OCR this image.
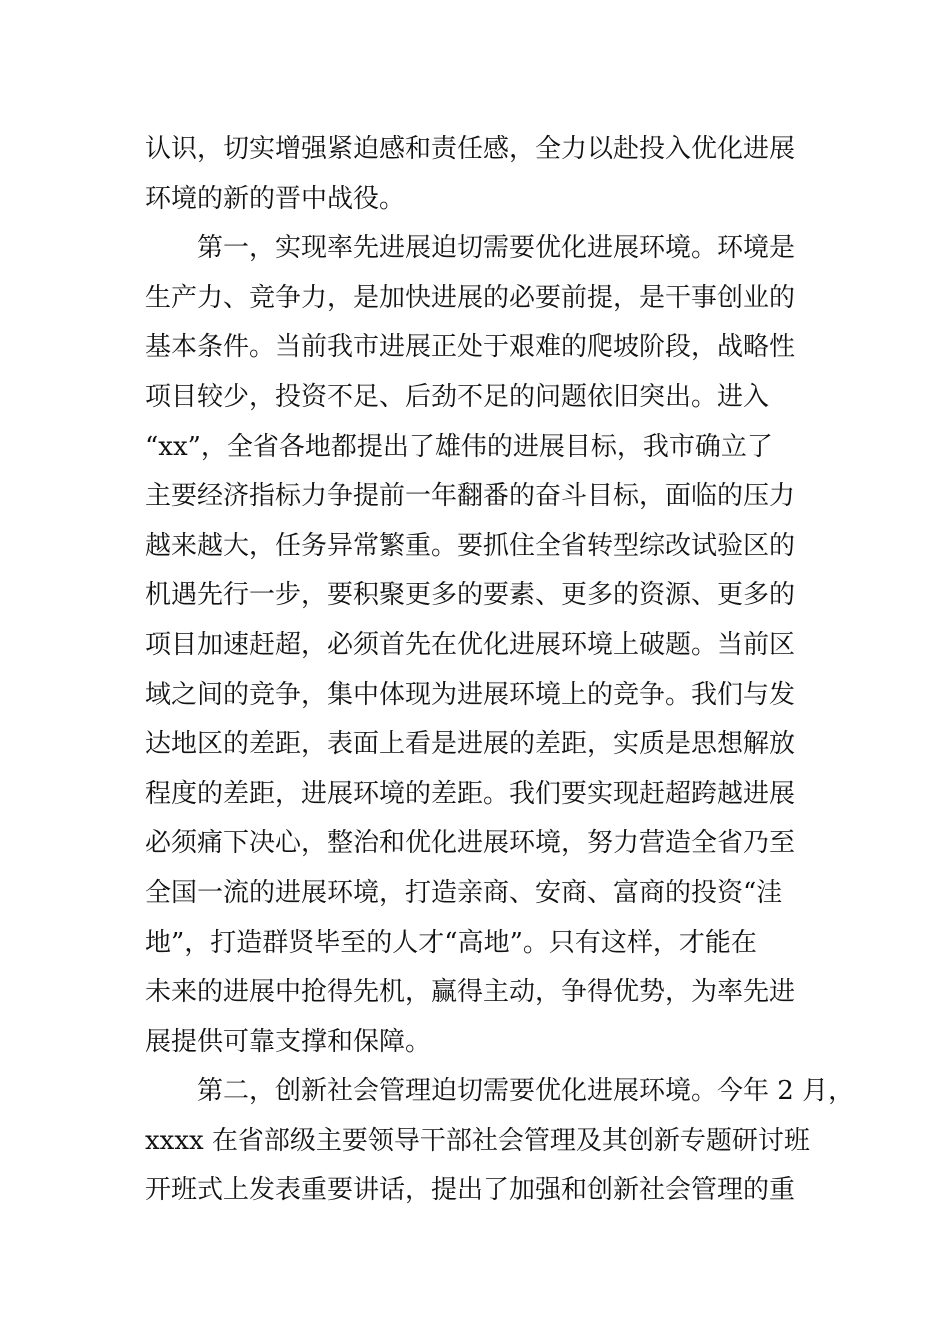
认识，切实增强紧迫感和责任感，全力以赴投入优化进展
环境的新的晋中战役。
　　第一，实现率先进展迫切需要优化进展环境。环境是
生产力、竞争力，是加快进展的必要前提，是干事创业的
基本条件。当前我市进展正处于艰难的爬坡阶段，战略性
项目较少，投资不足、后劲不足的问题依旧突出。进入
“xx”，全省各地都提出了雄伟的进展目标，我市确立了
主要经济指标力争提前一年翻番的奋斗目标，面临的压力
越来越大，任务异常繁重。要抓住全省转型综改试验区的
机遇先行一步，要积聚更多的要素、更多的资源、更多的
项目加速赶超，必须首先在优化进展环境上破题。当前区
域之间的竞争，集中体现为进展环境上的竞争。我们与发
达地区的差距，表面上看是进展的差距，实质是思想解放
程度的差距，进展环境的差距。我们要实现赶超跨越进展
必须痛下决心，整治和优化进展环境，努力营造全省乃至
全国一流的进展环境，打造亲商、安商、富商的投资“洼
地”，打造群贤毕至的人才“高地”。只有这样，才能在
未来的进展中抢得先机，赢得主动，争得优势，为率先进
展提供可靠支撑和保障。
　　第二，创新社会管理迫切需要优化进展环境。今年 2 月，
xxxx 在省部级主要领导干部社会管理及其创新专题研讨班
开班式上发表重要讲话，提出了加强和创新社会管理的重
